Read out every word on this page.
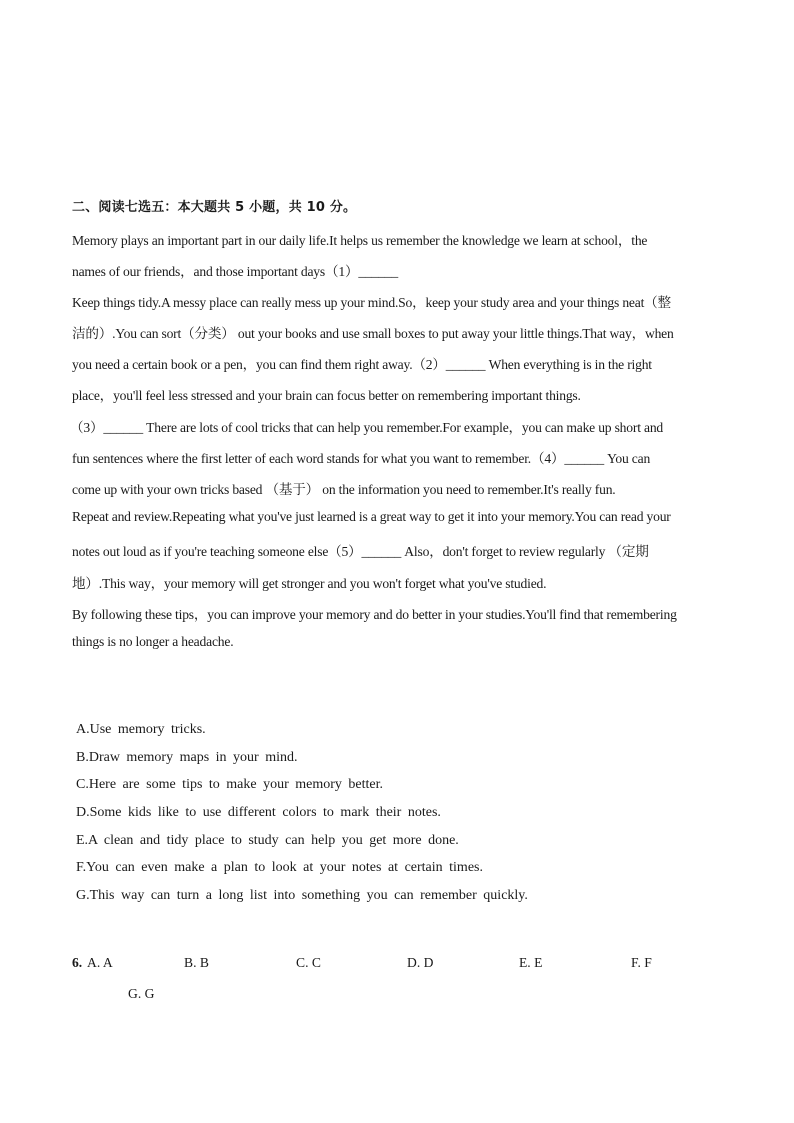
二、阅读七选五：本大题共 5 小题，共 10 分。
Memory plays an important part in our daily life.It helps us remember the knowledge we learn at school，the
names of our friends，and those important days（1）______
Keep things tidy.A messy place can really mess up your mind.So，keep your study area and your things neat（整
洁的）.You can sort（分类） out your books and use small boxes to put away your little things.That way，when
you need a certain book or a pen，you can find them right away.（2）______ When everything is in the right
place，you'll feel less stressed and your brain can focus better on remembering important things.
（3）______ There are lots of cool tricks that can help you remember.For example，you can make up short and
fun sentences where the first letter of each word stands for what you want to remember.（4）______ You can
come up with your own tricks based （基于） on the information you need to remember.It's really fun.
Repeat and review.Repeating what you've just learned is a great way to get it into your memory.You can read your
notes out loud as if you're teaching someone else（5）______ Also，don't forget to review regularly （定期
地）.This way，your memory will get stronger and you won't forget what you've studied.
By following these tips，you can improve your memory and do better in your studies.You'll find that remembering
things is no longer a headache.
A.Use memory tricks.
B.Draw memory maps in your mind.
C.Here are some tips to make your memory better.
D.Some kids like to use different colors to mark their notes.
E.A clean and tidy place to study can help you get more done.
F.You can even make a plan to look at your notes at certain times.
G.This way can turn a long list into something you can remember quickly.
6. A. A	B. B	C. C	D. D	E. E	F. F
G. G
